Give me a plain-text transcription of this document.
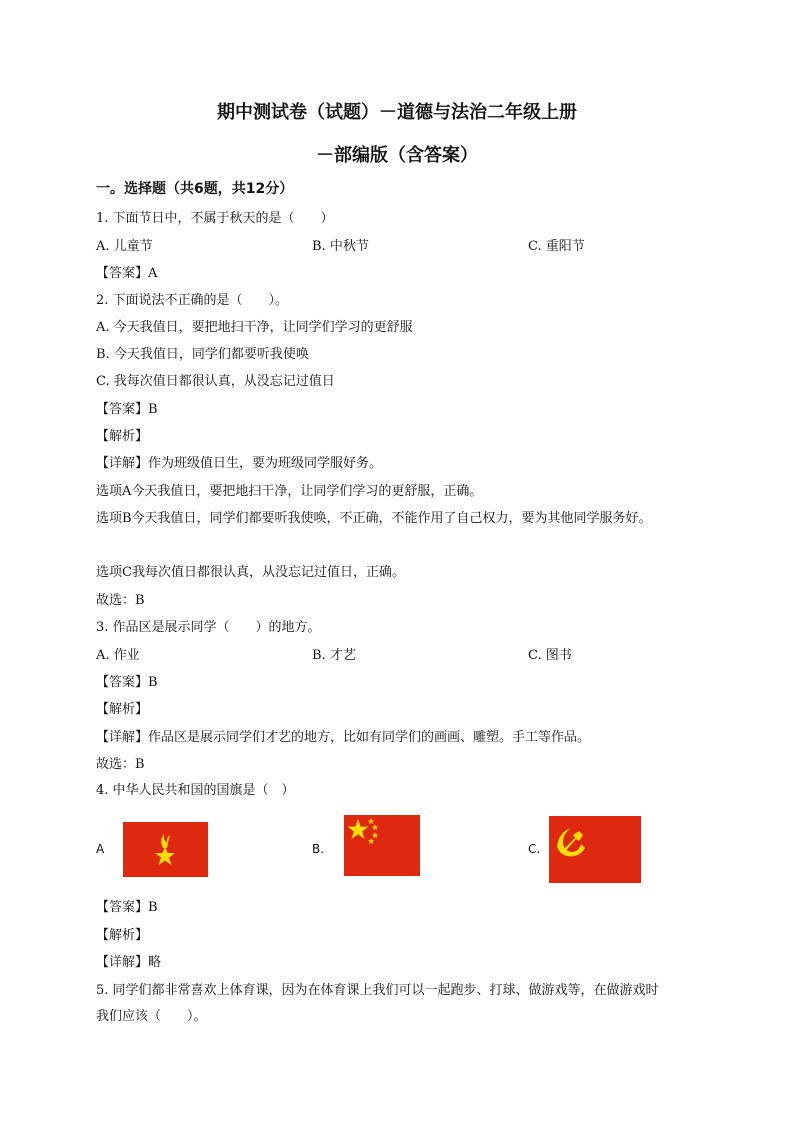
期中测试卷（试题）－道德与法治二年级上册
－部编版（含答案）
一。选择题（共6题，共12分）
1. 下面节日中，不属于秋天的是（　　）
A. 儿童节	B. 中秋节	C. 重阳节
【答案】A
2. 下面说法不正确的是（　　）。
A. 今天我值日，要把地扫干净，让同学们学习的更舒服
B. 今天我值日，同学们都要听我使唤
C. 我每次值日都很认真，从没忘记过值日
【答案】B
【解析】
【详解】作为班级值日生，要为班级同学服好务。
选项A今天我值日，要把地扫干净，让同学们学习的更舒服，正确。
选项B今天我值日，同学们都要听我使唤，不正确，不能作用了自己权力，要为其他同学服务好。
选项C我每次值日都很认真，从没忘记过值日，正确。
故选：B
3. 作品区是展示同学（　　）的地方。
A. 作业	B. 才艺	C. 图书
【答案】B
【解析】
【详解】作品区是展示同学们才艺的地方，比如有同学们的画画、雕塑。手工等作品。
故选：B
4. 中华人民共和国的国旗是（　）
A	B.	C.
【答案】B
【解析】
【详解】略
5. 同学们都非常喜欢上体育课，因为在体育课上我们可以一起跑步、打球、做游戏等，在做游戏时
我们应该（　　）。
